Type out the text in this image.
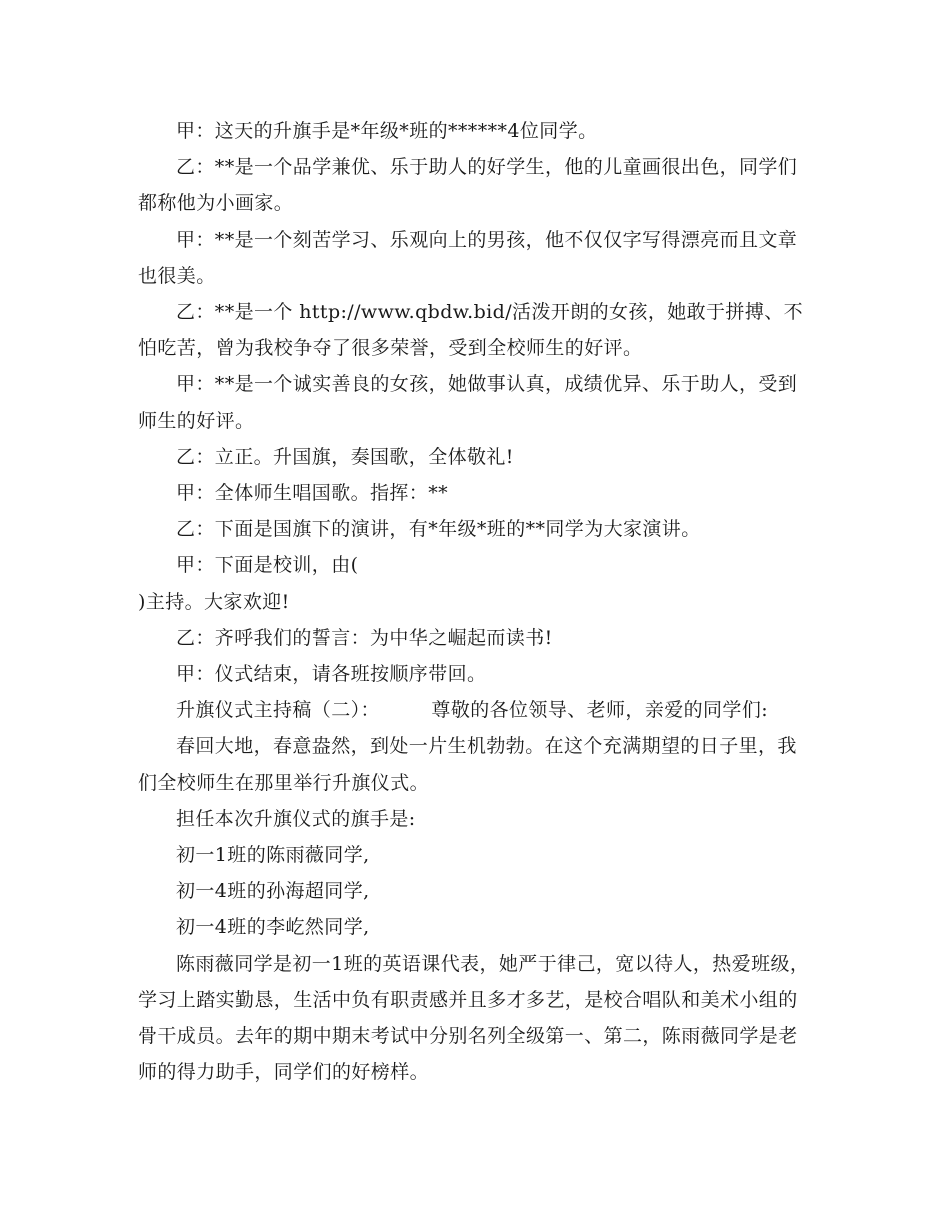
甲：这天的升旗手是*年级*班的******4位同学。

乙：**是一个品学兼优、乐于助人的好学生，他的儿童画很出色，同学们都称他为小画家。

甲：**是一个刻苦学习、乐观向上的男孩，他不仅仅字写得漂亮而且文章也很美。

乙：**是一个 http://www.qbdw.bid/活泼开朗的女孩，她敢于拼搏、不怕吃苦，曾为我校争夺了很多荣誉，受到全校师生的好评。

甲：**是一个诚实善良的女孩，她做事认真，成绩优异、乐于助人，受到师生的好评。

乙：立正。升国旗，奏国歌，全体敬礼!

甲：全体师生唱国歌。指挥：**

乙：下面是国旗下的演讲，有*年级*班的**同学为大家演讲。

甲：下面是校训，由(

)主持。大家欢迎!

乙：齐呼我们的誓言：为中华之崛起而读书!

甲：仪式结束，请各班按顺序带回。

升旗仪式主持稿（二）：        尊敬的各位领导、老师，亲爱的同学们:

春回大地，春意盎然，到处一片生机勃勃。在这个充满期望的日子里，我们全校师生在那里举行升旗仪式。

担任本次升旗仪式的旗手是:

初一1班的陈雨薇同学,

初一4班的孙海超同学,

初一4班的李屹然同学,

陈雨薇同学是初一1班的英语课代表，她严于律己，宽以待人，热爱班级，学习上踏实勤恳，生活中负有职责感并且多才多艺，是校合唱队和美术小组的骨干成员。去年的期中期末考试中分别名列全级第一、第二，陈雨薇同学是老师的得力助手，同学们的好榜样。
